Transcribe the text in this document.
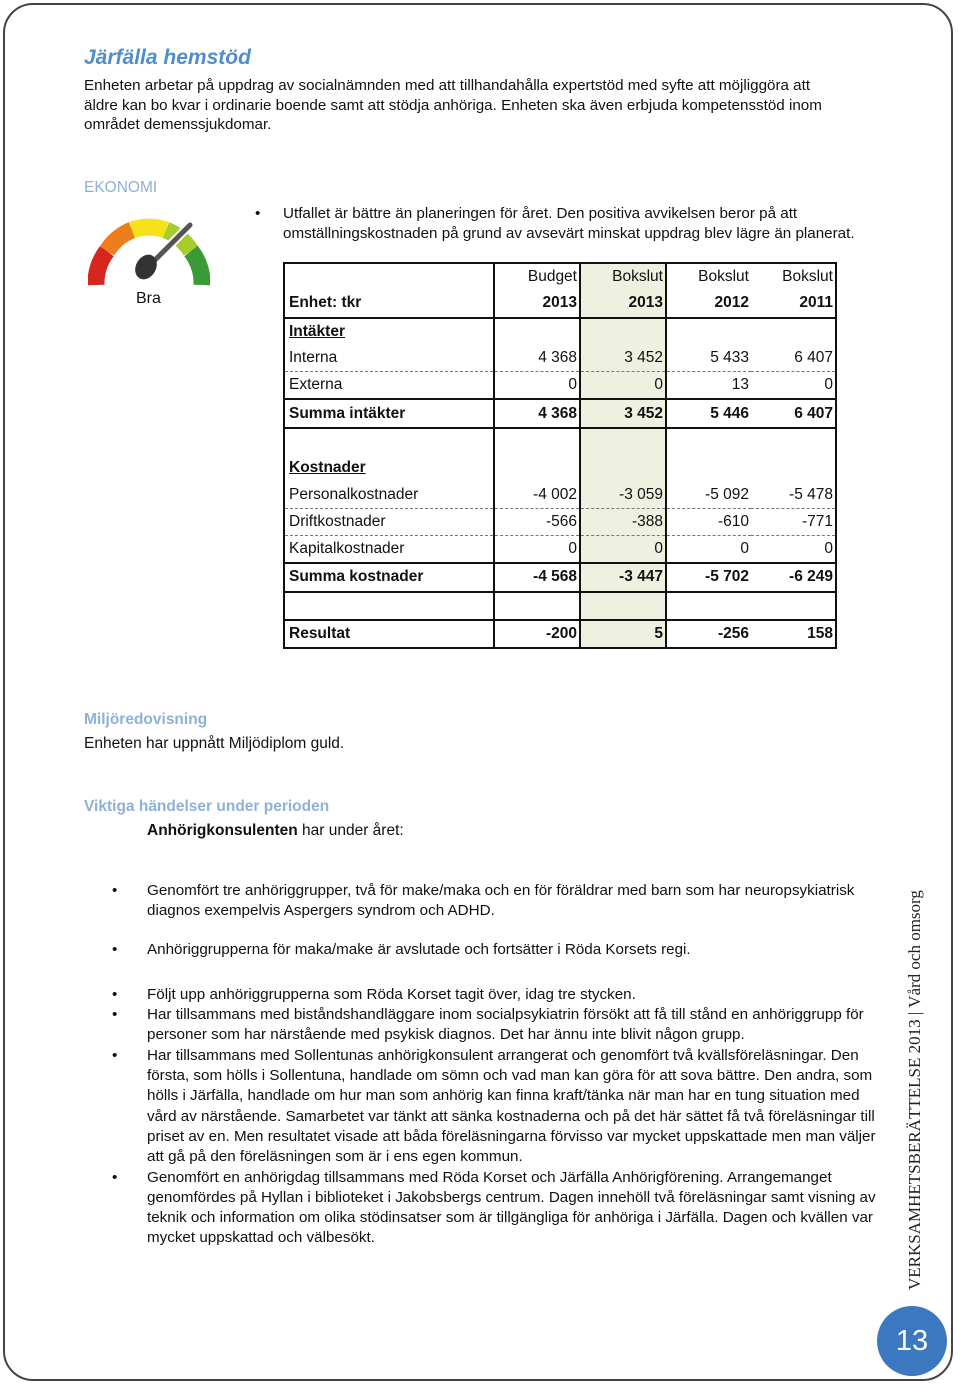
Järfälla hemstöd
Enheten arbetar på uppdrag av socialnämnden med att tillhandahålla expertstöd med syfte att möjliggöra att äldre kan bo kvar i ordinarie boende samt att stödja anhöriga. Enheten ska även erbjuda kompetensstöd inom området demenssjukdomar.
EKONOMI
Bra
• Utfallet är bättre än planeringen för året. Den positiva avvikelsen beror på att omställningskostnaden på grund av avsevärt minskat uppdrag blev lägre än planerat.
	Budget	Bokslut	Bokslut	Bokslut
Enhet: tkr	2013	2013	2012	2011
Intäkter				
Interna	4 368	3 452	5 433	6 407
Externa	0	0	13	0
Summa intäkter	4 368	3 452	5 446	6 407

Kostnader				
Personalkostnader	-4 002	-3 059	-5 092	-5 478
Driftkostnader	-566	-388	-610	-771
Kapitalkostnader	0	0	0	0
Summa kostnader	-4 568	-3 447	-5 702	-6 249

Resultat	-200	5	-256	158
Miljöredovisning
Enheten har uppnått Miljödiplom guld.
Viktiga händelser under perioden
Anhörigkonsulenten har under året:
• Genomfört tre anhöriggrupper, två för make/maka och en för föräldrar med barn som har neuropsykiatrisk diagnos exempelvis Aspergers syndrom och ADHD.
• Anhöriggrupperna för maka/make är avslutade och fortsätter i Röda Korsets regi.
• Följt upp anhöriggrupperna som Röda Korset tagit över, idag tre stycken.
• Har tillsammans med biståndshandläggare inom socialpsykiatrin försökt att få till stånd en anhöriggrupp för personer som har närstående med psykisk diagnos. Det har ännu inte blivit någon grupp.
• Har tillsammans med Sollentunas anhörigkonsulent arrangerat och genomfört två kvällsföreläsningar. Den första, som hölls i Sollentuna, handlade om sömn och vad man kan göra för att sova bättre. Den andra, som hölls i Järfälla, handlade om hur man som anhörig kan finna kraft/tänka när man har en tung situation med vård av närstående. Samarbetet var tänkt att sänka kostnaderna och på det här sättet få två föreläsningar till priset av en. Men resultatet visade att båda föreläsningarna förvisso var mycket uppskattade men man väljer att gå på den föreläsningen som är i ens egen kommun.
• Genomfört en anhörigdag tillsammans med Röda Korset och Järfälla Anhörigförening. Arrangemanget genomfördes på Hyllan i biblioteket i Jakobsbergs centrum. Dagen innehöll två föreläsningar samt visning av teknik och information om olika stödinsatser som är tillgängliga för anhöriga i Järfälla. Dagen och kvällen var mycket uppskattad och välbesökt.	VERKSAMHETSBERÄTTELSE 2013 | Vård och omsorg
13
